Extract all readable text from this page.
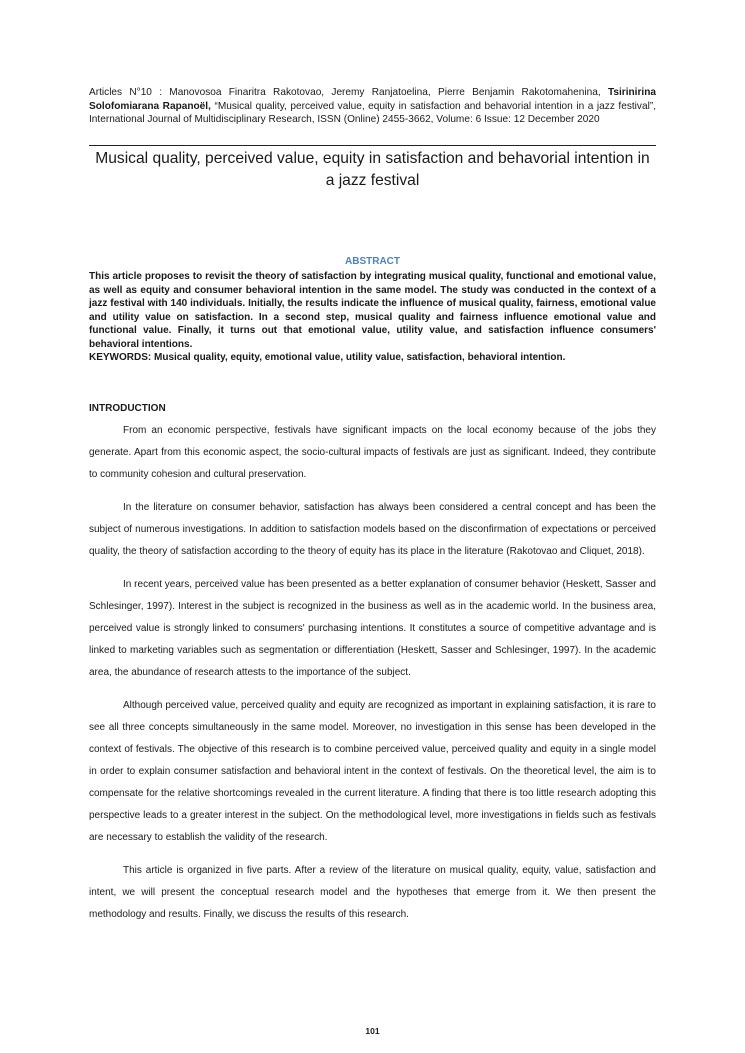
Articles N°10 : Manovosoa Finaritra Rakotovao, Jeremy Ranjatoelina, Pierre Benjamin Rakotomahenina, Tsirinirina Solofomiarana Rapanoël, “Musical quality, perceived value, equity in satisfaction and behavorial intention in a jazz festival”, International Journal of Multidisciplinary Research, ISSN (Online) 2455-3662, Volume: 6 Issue: 12 December 2020
Musical quality, perceived value, equity in satisfaction and behavorial intention in a jazz festival
ABSTRACT

This article proposes to revisit the theory of satisfaction by integrating musical quality, functional and emotional value, as well as equity and consumer behavioral intention in the same model. The study was conducted in the context of a jazz festival with 140 individuals. Initially, the results indicate the influence of musical quality, fairness, emotional value and utility value on satisfaction. In a second step, musical quality and fairness influence emotional value and functional value. Finally, it turns out that emotional value, utility value, and satisfaction influence consumers' behavioral intentions.

KEYWORDS: Musical quality, equity, emotional value, utility value, satisfaction, behavioral intention.

INTRODUCTION

From an economic perspective, festivals have significant impacts on the local economy because of the jobs they generate. Apart from this economic aspect, the socio-cultural impacts of festivals are just as significant. Indeed, they contribute to community cohesion and cultural preservation.

In the literature on consumer behavior, satisfaction has always been considered a central concept and has been the subject of numerous investigations. In addition to satisfaction models based on the disconfirmation of expectations or perceived quality, the theory of satisfaction according to the theory of equity has its place in the literature (Rakotovao and Cliquet, 2018).

In recent years, perceived value has been presented as a better explanation of consumer behavior (Heskett, Sasser and Schlesinger, 1997). Interest in the subject is recognized in the business as well as in the academic world. In the business area, perceived value is strongly linked to consumers' purchasing intentions. It constitutes a source of competitive advantage and is linked to marketing variables such as segmentation or differentiation (Heskett, Sasser and Schlesinger, 1997). In the academic area, the abundance of research attests to the importance of the subject.

Although perceived value, perceived quality and equity are recognized as important in explaining satisfaction, it is rare to see all three concepts simultaneously in the same model. Moreover, no investigation in this sense has been developed in the context of festivals. The objective of this research is to combine perceived value, perceived quality and equity in a single model in order to explain consumer satisfaction and behavioral intent in the context of festivals. On the theoretical level, the aim is to compensate for the relative shortcomings revealed in the current literature. A finding that there is too little research adopting this perspective leads to a greater interest in the subject. On the methodological level, more investigations in fields such as festivals are necessary to establish the validity of the research.

This article is organized in five parts. After a review of the literature on musical quality, equity, value, satisfaction and intent, we will present the conceptual research model and the hypotheses that emerge from it. We then present the methodology and results. Finally, we discuss the results of this research.

101
